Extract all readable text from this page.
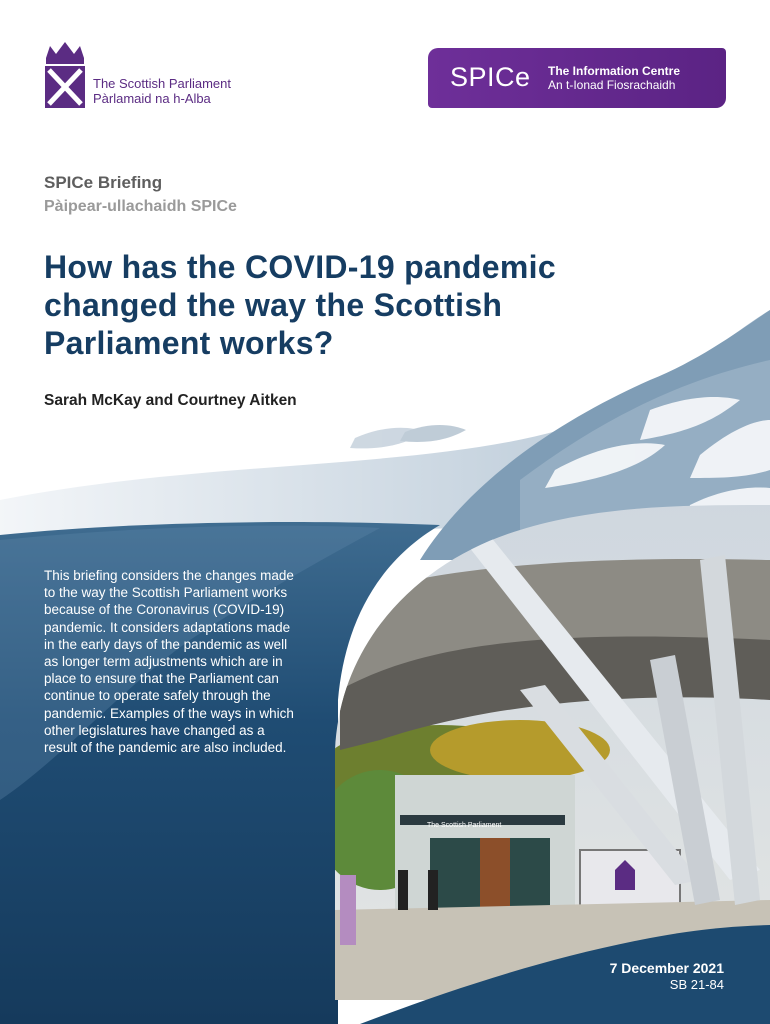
The Scottish Parliament
Pàrlamaid na h-Alba
SPICe The Information Centre
An t-Ionad Fiosrachaidh
SPICe Briefing
Pàipear-ullachaidh SPICe
How has the COVID-19 pandemic changed the way the Scottish Parliament works?
Sarah McKay and Courtney Aitken

This briefing considers the changes made to the way the Scottish Parliament works because of the Coronavirus (COVID-19) pandemic. It considers adaptations made in the early days of the pandemic as well as longer term adjustments which are in place to ensure that the Parliament can continue to operate safely through the pandemic. Examples of the ways in which other legislatures have changed as a result of the pandemic are also included.

7 December 2021
SB 21-84
The Scottish Parliament
